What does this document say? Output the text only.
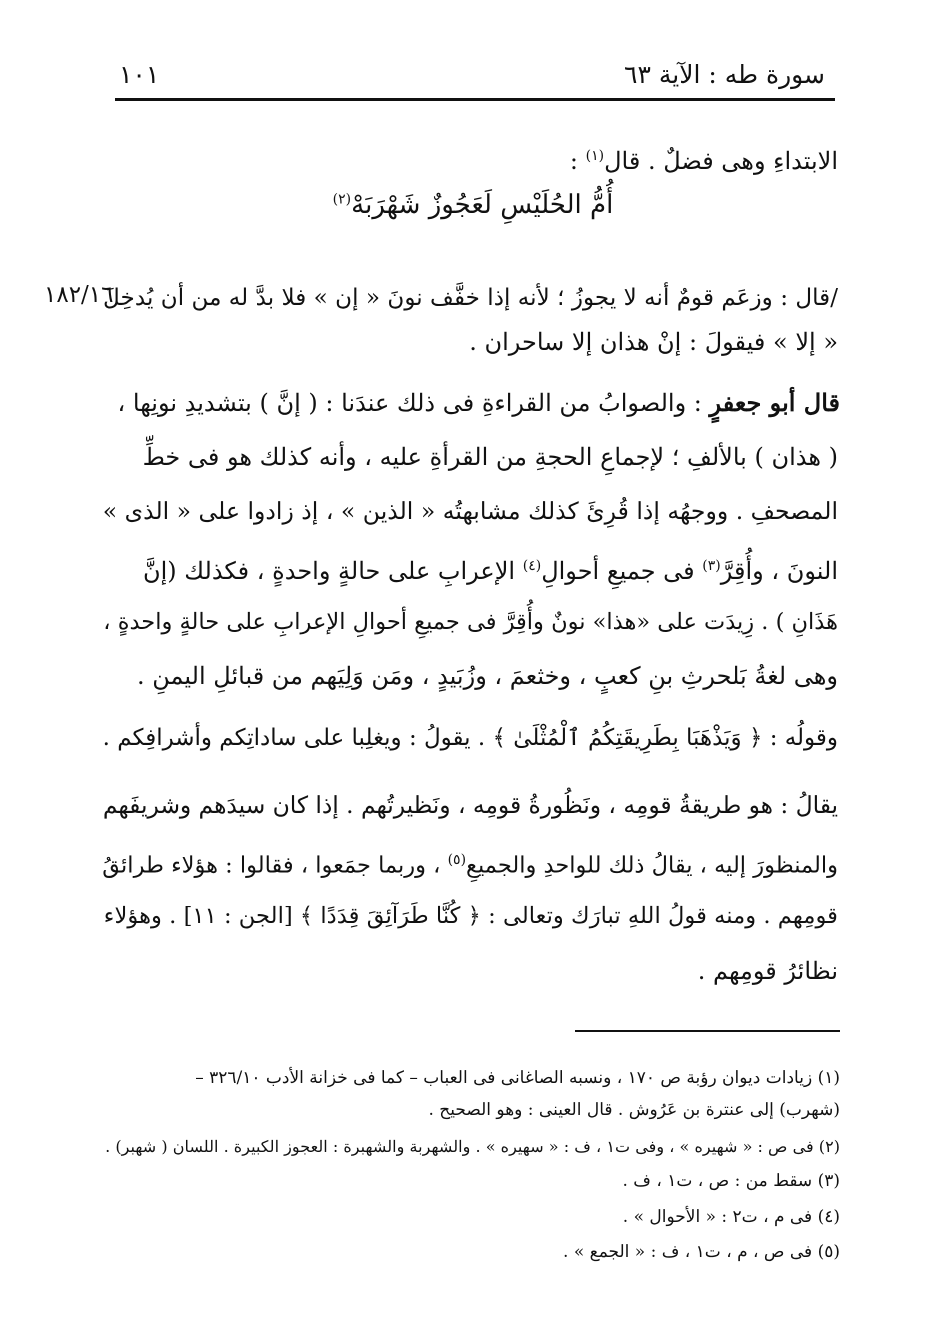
سورة طه : الآية ٦٣
١٠١
الابتداءِ وهى فضلٌ . قال$^{(١)}$ :
أُمُّ الحُلَيْسِ لَعَجُوزٌ شَهْرَبَهْ$^{(٢)}$
/قال : وزعَم قومٌ أنه لا يجوزُ ؛ لأنه إذا خفَّف نونَ « إن » فلا بدَّ له من أن يُدخِلَ
١٨٢/١٦
« إلا » فيقولَ : إنْ هذان إلا ساحران .
قال أبو جعفرٍ : والصوابُ من القراءةِ فى ذلك عندَنا : ( إنَّ ) بتشديدِ نونِها ،
( هذان ) بالألفِ ؛ لإجماعِ الحجةِ من القرأةِ عليه ، وأنه كذلك هو فى خطِّ
المصحفِ . ووجهُه إذا قُرِئَ كذلك مشابهتُه « الذين » ، إذ زادوا على « الذى »
النونَ ، وأُقِرَّ$^{(٣)}$ فى جميعِ أحوالِ$^{(٤)}$ الإعرابِ على حالةٍ واحدةٍ ، فكذلك (إنَّ
هَذَانِ ) . زِيدَت على «هذا» نونٌ وأُقِرَّ فى جميعِ أحوالِ الإعرابِ على حالةٍ واحدةٍ ،
وهى لغةُ بَلحرثِ بنِ كعبٍ ، وخثعمَ ، وزُبَيدٍ ، ومَن وَلِيَهم من قبائلِ اليمنِ .
وقولُه : ﴿ وَيَذْهَبَا بِطَرِيقَتِكُمُ ٱلْمُثْلَىٰ ﴾ . يقولُ : ويغلِبا على ساداتِكم وأشرافِكم .
يقالُ : هو طريقةُ قومِه ، ونَظُورةُ قومِه ، ونَظيرتُهم . إذا كان سيدَهم وشريفَهم
والمنظورَ إليه ، يقالُ ذلك للواحدِ والجميعِ$^{(٥)}$ ، وربما جمَعوا ، فقالوا : هؤلاء طرائقُ
قومِهم . ومنه قولُ اللهِ تبارَك وتعالى : ﴿ كُنَّا طَرَآئِقَ قِدَدًا ﴾ [الجن : ١١] . وهؤلاء
نظائرُ قومِهم .
(١) زيادات ديوان رؤبة ص ١٧٠ ، ونسبه الصاغانى فى العباب – كما فى خزانة الأدب ٣٢٦/١٠ –
(شهرب) إلى عنترة بن عَرُوش . قال العينى : وهو الصحيح .
(٢) فى ص : « شهيره » ، وفى ت١ ، ف : « سهيره » . والشهربة والشهبرة : العجوز الكبيرة . اللسان ( شهبر) .
(٣) سقط من : ص ، ت١ ، ف .
(٤) فى م ، ت٢ : « الأحوال » .
(٥) فى ص ، م ، ت١ ، ف : « الجمع » .
